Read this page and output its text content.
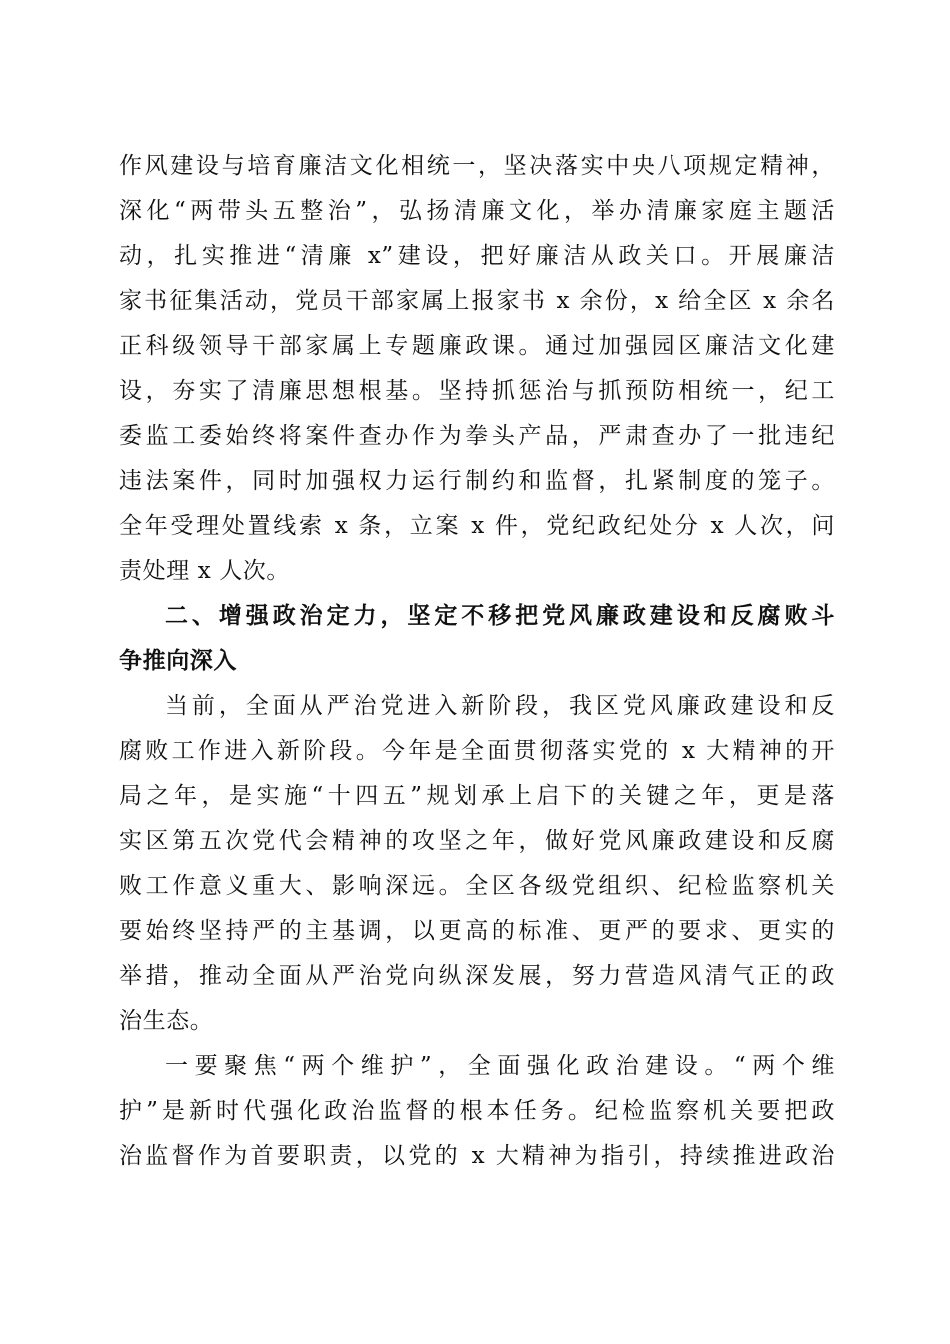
作风建设与培育廉洁文化相统一，坚决落实中央八项规定精神，
深化“两带头五整治”，弘扬清廉文化，举办清廉家庭主题活
动，扎实推进“清廉 x”建设，把好廉洁从政关口。开展廉洁
家书征集活动，党员干部家属上报家书 x 余份，x 给全区 x 余名
正科级领导干部家属上专题廉政课。通过加强园区廉洁文化建
设，夯实了清廉思想根基。坚持抓惩治与抓预防相统一，纪工
委监工委始终将案件查办作为拳头产品，严肃查办了一批违纪
违法案件，同时加强权力运行制约和监督，扎紧制度的笼子。
全年受理处置线索 x 条，立案 x 件，党纪政纪处分 x 人次，问
责处理 x 人次。
二、增强政治定力，坚定不移把党风廉政建设和反腐败斗
争推向深入
当前，全面从严治党进入新阶段，我区党风廉政建设和反
腐败工作进入新阶段。今年是全面贯彻落实党的 x 大精神的开
局之年，是实施“十四五”规划承上启下的关键之年，更是落
实区第五次党代会精神的攻坚之年，做好党风廉政建设和反腐
败工作意义重大、影响深远。全区各级党组织、纪检监察机关
要始终坚持严的主基调，以更高的标准、更严的要求、更实的
举措，推动全面从严治党向纵深发展，努力营造风清气正的政
治生态。
一要聚焦“两个维护”，全面强化政治建设。“两个维
护”是新时代强化政治监督的根本任务。纪检监察机关要把政
治监督作为首要职责，以党的 x 大精神为指引，持续推进政治
